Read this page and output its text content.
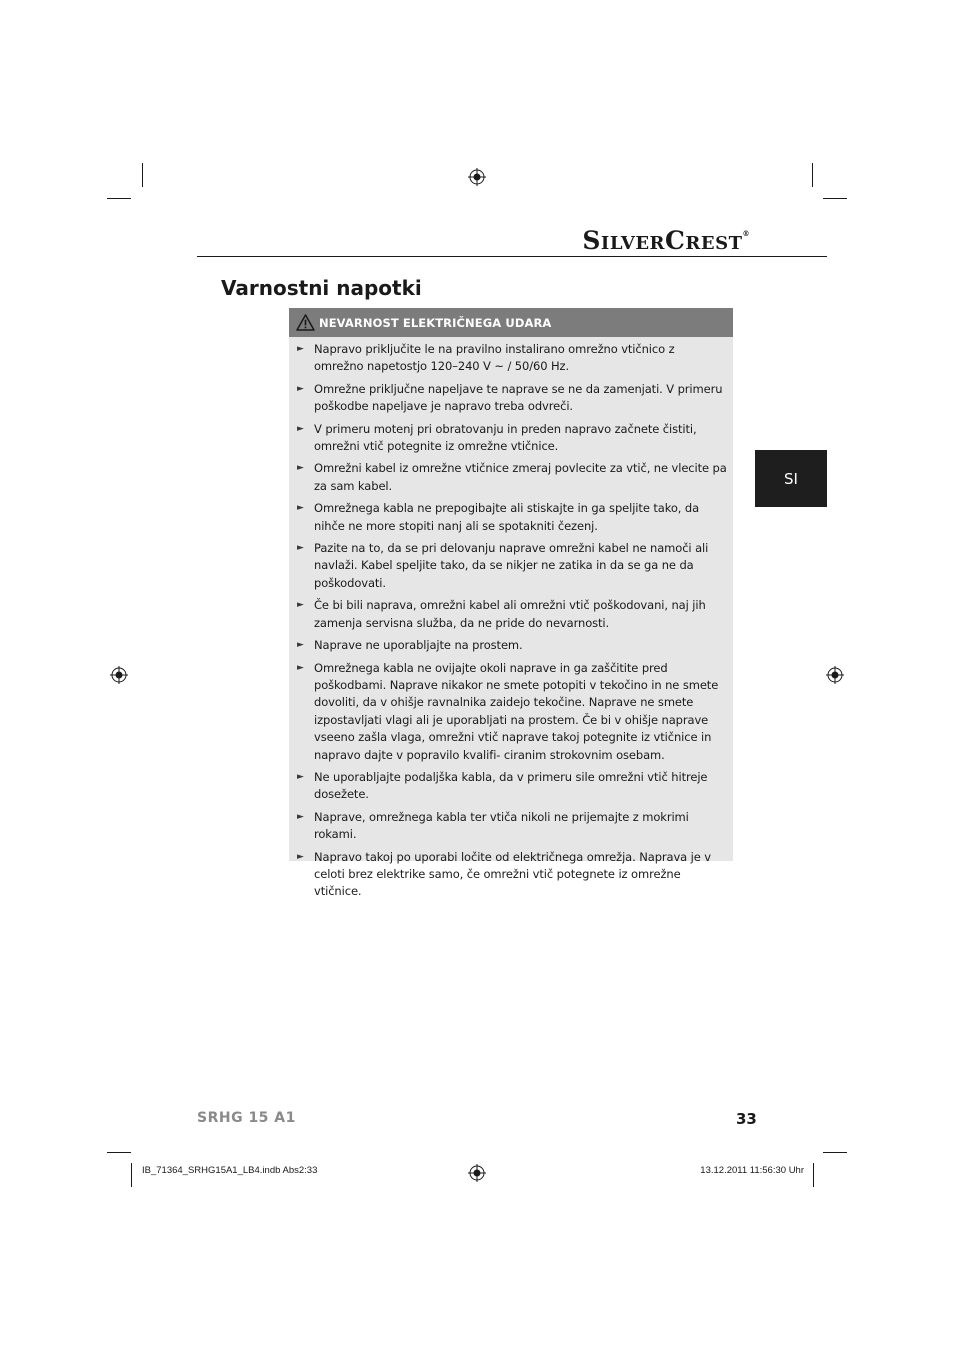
SILVERCREST®
Varnostni napotki
SI
NEVARNOST ELEKTRIČNEGA UDARA
► Napravo priključite le na pravilno instalirano omrežno vtičnico z omrežno napetostjo 120–240 V ~ / 50/60 Hz.
► Omrežne priključne napeljave te naprave se ne da zamenjati. V primeru poškodbe napeljave je napravo treba odvreči.
► V primeru motenj pri obratovanju in preden napravo začnete čistiti, omrežni vtič potegnite iz omrežne vtičnice.
► Omrežni kabel iz omrežne vtičnice zmeraj povlecite za vtič, ne vlecite pa za sam kabel.
► Omrežnega kabla ne prepogibajte ali stiskajte in ga speljite tako, da nihče ne more stopiti nanj ali se spotakniti čezenj.
► Pazite na to, da se pri delovanju naprave omrežni kabel ne namoči ali navlaži. Kabel speljite tako, da se nikjer ne zatika in da se ga ne da poškodovati.
► Če bi bili naprava, omrežni kabel ali omrežni vtič poškodovani, naj jih zamenja servisna služba, da ne pride do nevarnosti.
► Naprave ne uporabljajte na prostem.
► Omrežnega kabla ne ovijajte okoli naprave in ga zaščitite pred poškodbami. Naprave nikakor ne smete potopiti v tekočino in ne smete dovoliti, da v ohišje ravnalnika zaidejo tekočine. Naprave ne smete izpostavljati vlagi ali je uporabljati na prostem. Če bi v ohišje naprave vseeno zašla vlaga, omrežni vtič naprave takoj potegnite iz vtičnice in napravo dajte v popravilo kvalifi- ciranim strokovnim osebam.
► Ne uporabljajte podaljška kabla, da v primeru sile omrežni vtič hitreje dosežete.
► Naprave, omrežnega kabla ter vtiča nikoli ne prijemajte z mokrimi rokami.
► Napravo takoj po uporabi ločite od električnega omrežja. Naprava je v celoti brez elektrike samo, če omrežni vtič potegnete iz omrežne vtičnice.
SRHG 15 A1	33
IB_71364_SRHG15A1_LB4.indb Abs2:33	13.12.2011 11:56:30 Uhr
